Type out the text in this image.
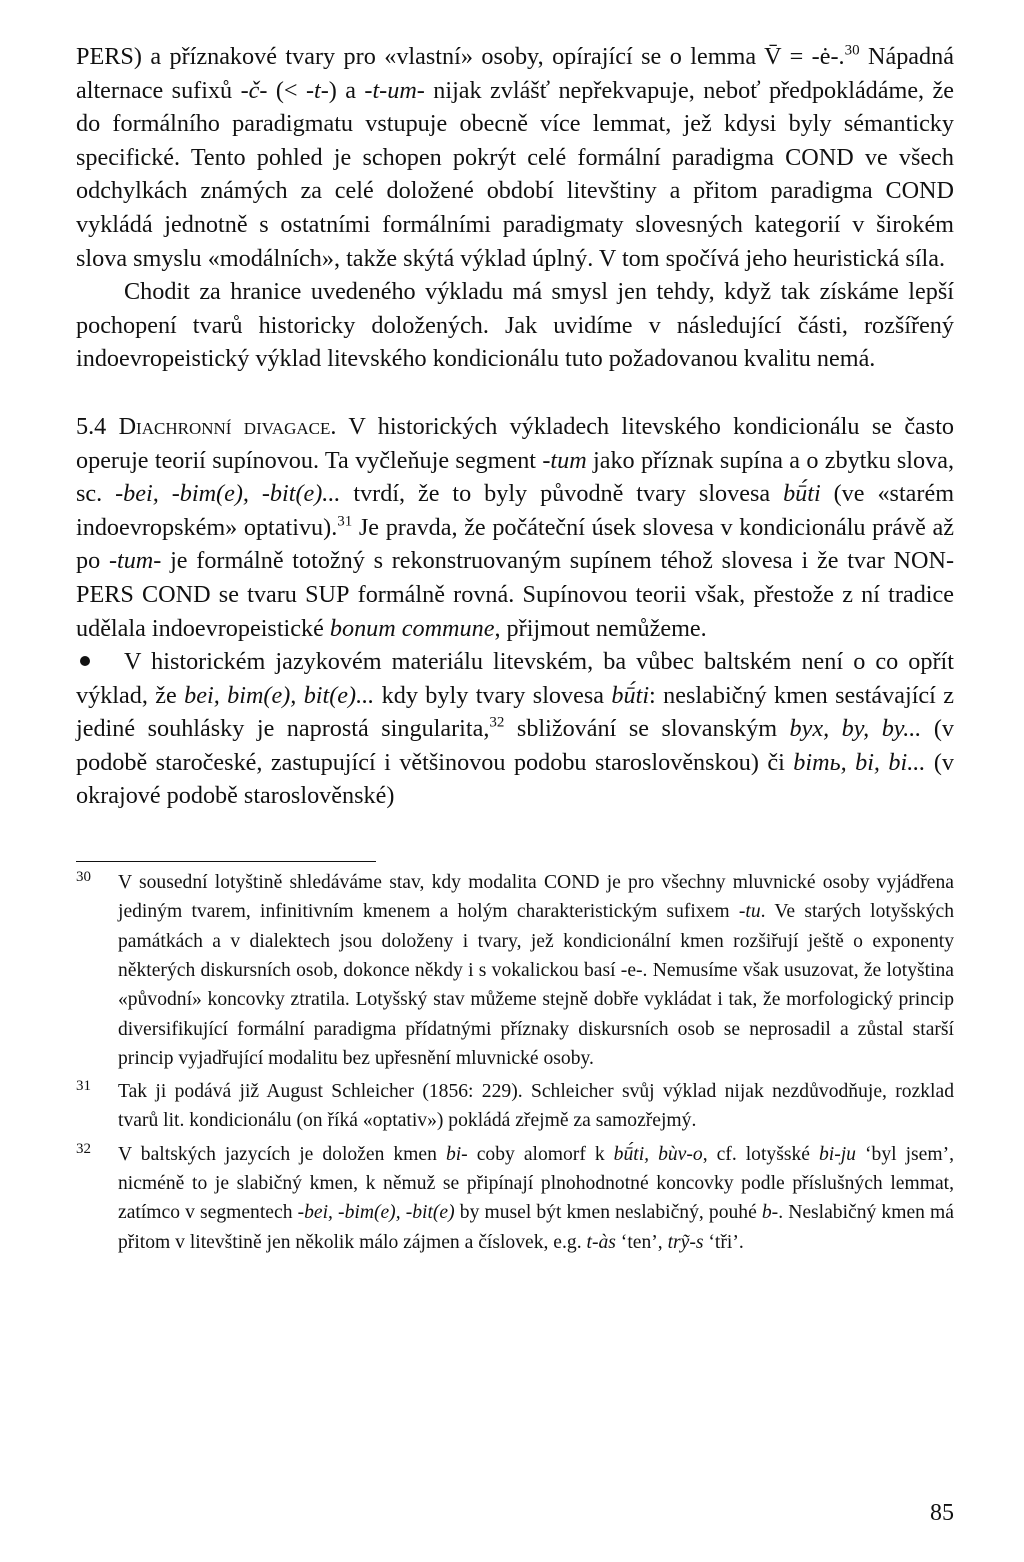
PERS) a příznakové tvary pro «vlastní» osoby, opírající se o lemma V̄ = -ė-.$^{30}$ Nápadná alternace sufixů -č- (< -t-) a -t-um- nijak zvlášť nepřekvapuje, neboť předpokládáme, že do formálního paradigmatu vstupuje obecně více lemmat, jež kdysi byly sémanticky specifické. Tento pohled je schopen pokrýt celé formální paradigma COND ve všech odchylkách známých za celé doložené období litevštiny a přitom paradigma COND vykládá jednotně s ostatními formálními paradigmaty slovesných kategorií v širokém slova smyslu «modálních», takže skýtá výklad úplný. V tom spočívá jeho heuristická síla.

Chodit za hranice uvedeného výkladu má smysl jen tehdy, když tak získáme lepší pochopení tvarů historicky doložených. Jak uvidíme v následující části, rozšířený indoevropeistický výklad litevského kondicionálu tuto požadovanou kvalitu nemá.

5.4 Diachronní divagace. V historických výkladech litevského kondicionálu se často operuje teorií supínovou. Ta vyčleňuje segment -tum jako příznak supína a o zbytku slova, sc. -bei, -bim(e), -bit(e)... tvrdí, že to byly původně tvary slovesa bū́ti (ve «starém indoevropském» optativu).$^{31}$ Je pravda, že počáteční úsek slovesa v kondicionálu právě až po -tum- je formálně totožný s rekonstruovaným supínem téhož slovesa i že tvar NON-PERS COND se tvaru SUP formálně rovná. Supínovou teorii však, přestože z ní tradice udělala indoevropeistické bonum commune, přijmout nemůžeme.

V historickém jazykovém materiálu litevském, ba vůbec baltském není o co opřít výklad, že bei, bim(e), bit(e)... kdy byly tvary slovesa bū́ti: neslabičný kmen sestávající z jediné souhlásky je naprostá singularita,$^{32}$ sbližování se slovanským byx, by, by... (v podobě staročeské, zastupující i většinovou podobu staroslověnskou) či bimь, bi, bi... (v okrajové podobě staroslověnské)

30 V sousední lotyštině shledáváme stav, kdy modalita COND je pro všechny mluvnické osoby vyjádřena jediným tvarem, infinitivním kmenem a holým charakteristickým sufixem -tu. Ve starých lotyšských památkách a v dialektech jsou doloženy i tvary, jež kondicionální kmen rozšiřují ještě o exponenty některých diskursních osob, dokonce někdy i s vokalickou basí -e-. Nemusíme však usuzovat, že lotyština «původní» koncovky ztratila. Lotyšský stav můžeme stejně dobře vykládat i tak, že morfologický princip diversifikující formální paradigma přídatnými příznaky diskursních osob se neprosadil a zůstal starší princip vyjadřující modalitu bez upřesnění mluvnické osoby.

31 Tak ji podává již August Schleicher (1856: 229). Schleicher svůj výklad nijak nezdůvodňuje, rozklad tvarů lit. kondicionálu (on říká «optativ») pokládá zřejmě za samozřejmý.

32 V baltských jazycích je doložen kmen bi- coby alomorf k bū́ti, bùv-o, cf. lotyšské bi-ju ‘byl jsem’, nicméně to je slabičný kmen, k němuž se připínají plnohodnotné koncovky podle příslušných lemmat, zatímco v segmentech -bei, -bim(e), -bit(e) by musel být kmen neslabičný, pouhé b-. Neslabičný kmen má přitom v litevštině jen několik málo zájmen a číslovek, e.g. t-às ‘ten’, trỹ-s ‘tři’.

85
